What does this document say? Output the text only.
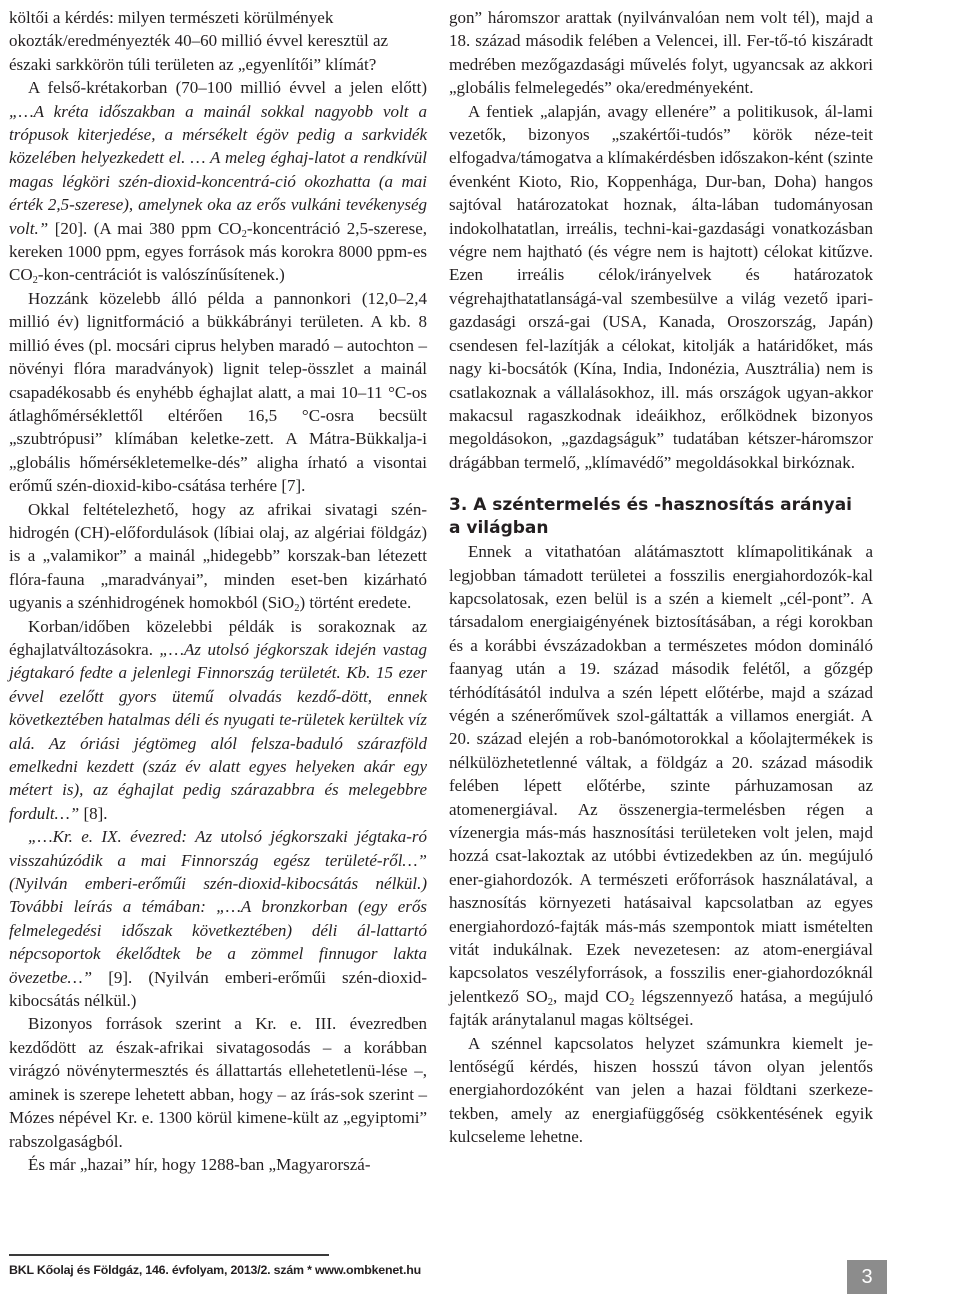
költői a kérdés: milyen természeti körülmények
okozták/eredményezték 40–60 millió évvel keresztül az
északi sarkkörön túli területen az „egyenlítői” klímát?

A felső-krétakorban (70–100 millió évvel a jelen előtt) „…A kréta időszakban a mainál sokkal nagyobb volt a trópusok kiterjedése, a mérsékelt égöv pedig a sarkvidék közelében helyezkedett el. … A meleg éghaj-latot a rendkívül magas légköri szén-dioxid-koncentrá-ció okozhatta (a mai érték 2,5-szerese), amelynek oka az erős vulkáni tevékenység volt.” [20]. (A mai 380 ppm $CO_2$-koncentráció 2,5-szerese, kereken 1000 ppm, egyes források más korokra 8000 ppm-es $CO_2-kon$-centrációt is valószínűsítenek.)

Hozzánk közelebb álló példa a pannonkori (12,0–2,4 millió év) lignitformáció a bükkábrányi területen. A kb. 8 millió éves (pl. mocsári ciprus helyben maradó – autochton – növényi flóra maradványok) lignit telep-összlet a mainál csapadékosabb és enyhébb éghajlat alatt, a mai 10–11 °C-os átlaghőmérséklettől eltérően 16,5 °C-osra becsült „szubtrópusi” klímában keletke-zett. A Mátra-Bükkalja-i „globális hőmérsékletemelke-dés” aligha írható a visontai erőmű szén-dioxid-kibo-csátása terhére [7].

Okkal feltételezhető, hogy az afrikai sivatagi szén-hidrogén (CH)-előfordulások (líbiai olaj, az algériai földgáz) is a „valamikor” a mainál „hidegebb” korszak-ban létezett flóra-fauna „maradványai”, minden eset-ben kizárható ugyanis a szénhidrogének homokból (SiO$_2$) történt eredete.

Korban/időben közelebbi példák is sorakoznak az éghajlatváltozásokra. „…Az utolsó jégkorszak idején vastag jégtakaró fedte a jelenlegi Finnország területét. Kb. 15 ezer évvel ezelőtt gyors ütemű olvadás kezdő-dött, ennek következtében hatalmas déli és nyugati te-rületek kerültek víz alá. Az óriási jégtömeg alól felsza-baduló szárazföld emelkedni kezdett (száz év alatt egyes helyeken akár egy métert is), az éghajlat pedig szárazabbra és melegebbre fordult…” [8].

„…Kr. e. IX. évezred: Az utolsó jégkorszaki jégtaka-ró visszahúzódik a mai Finnország egész területé-ről…” (Nyilván emberi-erőműi szén-dioxid-kibocsátás nélkül.) További leírás a témában: „…A bronzkorban (egy erős felmelegedési időszak következtében) déli ál-lattartó népcsoportok ékelődtek be a zömmel finnugor lakta övezetbe…” [9]. (Nyilván emberi-erőműi szén-dioxid-kibocsátás nélkül.)

Bizonyos források szerint a Kr. e. III. évezredben kezdődött az észak-afrikai sivatagosodás – a korábban virágzó növénytermesztés és állattartás ellehetetlenü-lése –, aminek is szerepe lehetett abban, hogy – az írás-sok szerint – Mózes népével Kr. e. 1300 körül kimene-kült az „egyiptomi” rabszolgaságból.

És már „hazai” hír, hogy 1288-ban „Magyarorszá-

gon” háromszor arattak (nyilvánvalóan nem volt tél), majd a 18. század második felében a Velencei, ill. Fer-tő-tó kiszáradt medrében mezőgazdasági művelés folyt, ugyancsak az akkori „globális felmelegedés” oka/eredményeként.

A fentiek „alapján, avagy ellenére” a politikusok, ál-lami vezetők, bizonyos „szakértői-tudós” körök néze-teit elfogadva/támogatva a klímakérdésben időszakon-ként (szinte évenként Kioto, Rio, Koppenhága, Dur-ban, Doha) hangos sajtóval határozatokat hoznak, álta-lában tudományosan indokolhatatlan, irreális, techni-kai-gazdasági vonatkozásban végre nem hajtható (és végre nem is hajtott) célokat kitűzve. Ezen irreális célok/irányelvek és határozatok végrehajthatatlanságá-val szembesülve a világ vezető ipari-gazdasági orszá-gai (USA, Kanada, Oroszország, Japán) csendesen fel-lazítják a célokat, kitolják a határidőket, más nagy ki-bocsátók (Kína, India, Indonézia, Ausztrália) nem is csatlakoznak a vállalásokhoz, ill. más országok ugyan-akkor makacsul ragaszkodnak ideáikhoz, erőlködnek bizonyos megoldásokon, „gazdagságuk” tudatában kétszer-háromszor drágábban termelő, „klímavédő” megoldásokkal birkóznak.

3. A széntermelés és -hasznosítás arányai
a világban

Ennek a vitathatóan alátámasztott klímapolitikának a legjobban támadott területei a fosszilis energiahordozók-kal kapcsolatosak, ezen belül is a szén a kiemelt „cél-pont”. A társadalom energiaigényének biztosításában, a régi korokban és a korábbi évszázadokban a természetes módon domináló faanyag után a 19. század második felétől, a gőzgép térhódításától indulva a szén lépett előtérbe, majd a század végén a szénerőművek szol-gáltatták a villamos energiát. A 20. század elején a rob-banómotorokkal a kőolajtermékek is nélkülözhetetlenné váltak, a földgáz a 20. század második felében lépett előtérbe, szinte párhuzamosan az atomenergiával. Az összenergia-termelésben régen a vízenergia más-más hasznosítási területeken volt jelen, majd hozzá csat-lakoztak az utóbbi évtizedekben az ún. megújuló ener-giahordozók. A természeti erőforrások használatával, a hasznosítás környezeti hatásaival kapcsolatban az egyes energiahordozó-fajták más-más szempontok miatt ismételten vitát indukálnak. Ezek nevezetesen: az atom-energiával kapcsolatos veszélyforrások, a fosszilis ener-giahordozóknál jelentkező $SO_2$, majd $CO_2$ légszennyező hatása, a megújuló fajták aránytalanul magas költségei.

A szénnel kapcsolatos helyzet számunkra kiemelt je-lentőségű kérdés, hiszen hosszú távon olyan jelentős energiahordozóként van jelen a hazai földtani szerkeze-tekben, amely az energiafüggőség csökkentésének egyik kulcseleme lehetne.

BKL Kőolaj és Földgáz, 146. évfolyam, 2013/2. szám * www.ombkenet.hu	3
